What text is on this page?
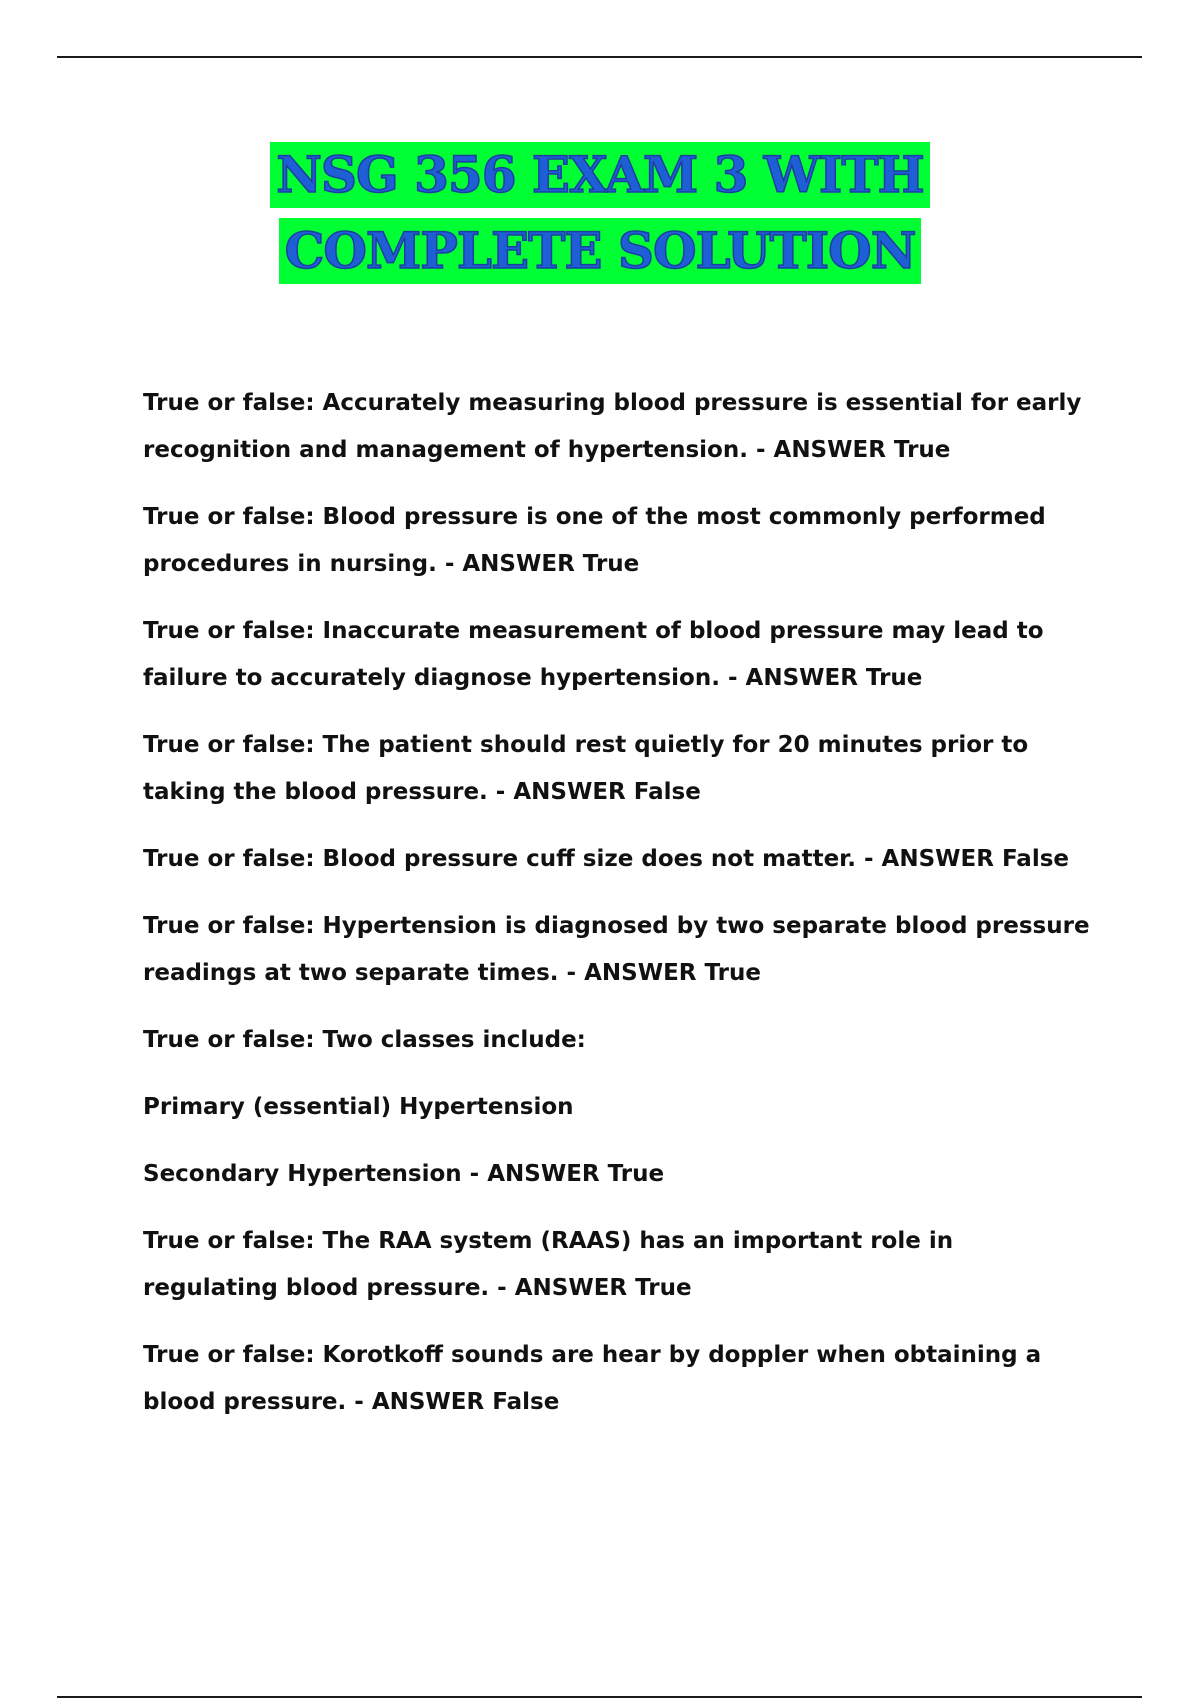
NSG 356 EXAM 3 WITH
COMPLETE SOLUTION

True or false: Accurately measuring blood pressure is essential for early recognition and management of hypertension. - ANSWER True

True or false: Blood pressure is one of the most commonly performed procedures in nursing. - ANSWER True

True or false: Inaccurate measurement of blood pressure may lead to failure to accurately diagnose hypertension. - ANSWER True

True or false: The patient should rest quietly for 20 minutes prior to taking the blood pressure. - ANSWER False

True or false: Blood pressure cuff size does not matter. - ANSWER False

True or false: Hypertension is diagnosed by two separate blood pressure readings at two separate times. - ANSWER True

True or false: Two classes include:

Primary (essential) Hypertension

Secondary Hypertension - ANSWER True

True or false: The RAA system (RAAS) has an important role in regulating blood pressure. - ANSWER True

True or false: Korotkoff sounds are hear by doppler when obtaining a blood pressure. - ANSWER False
